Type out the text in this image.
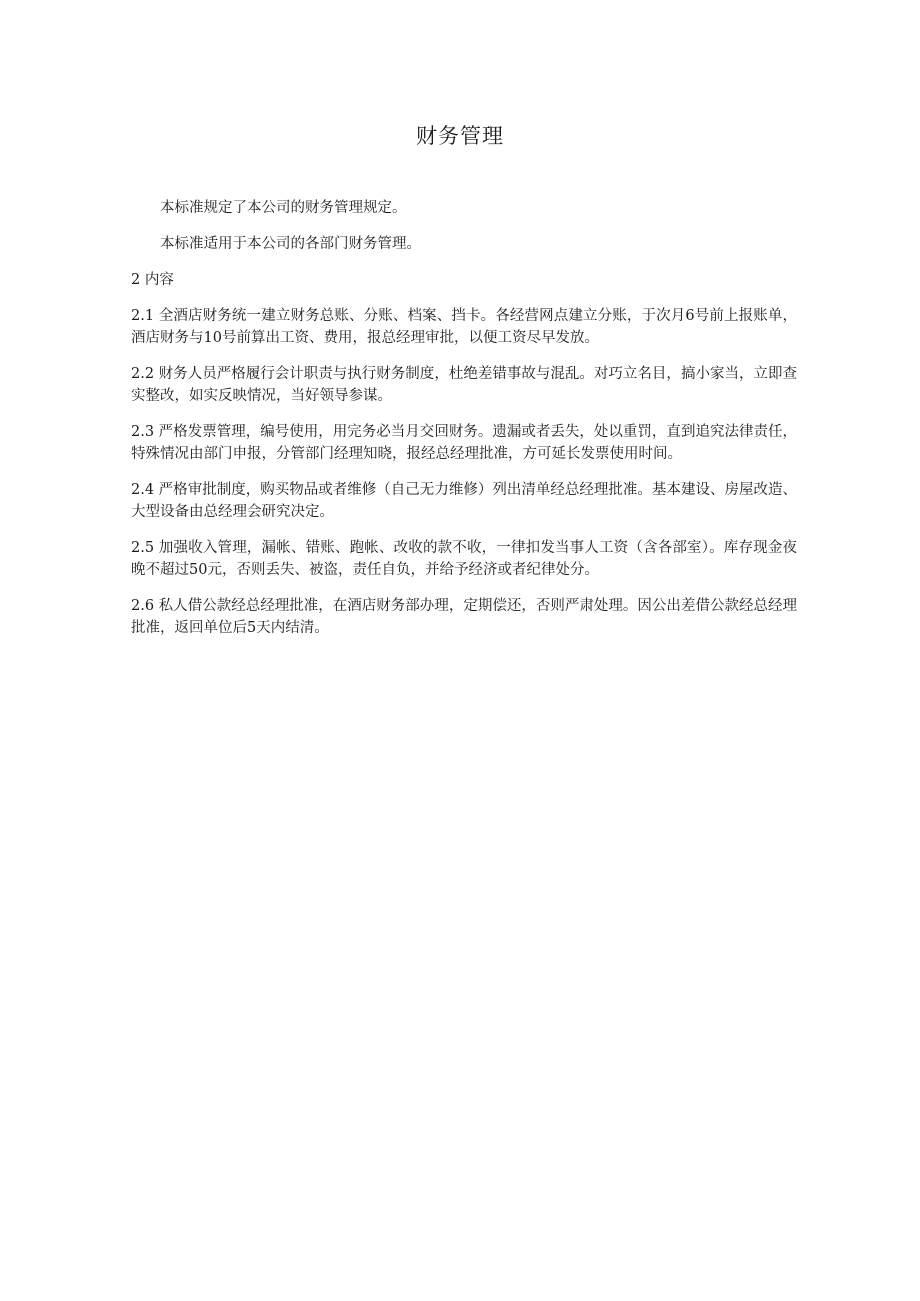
财务管理

本标准规定了本公司的财务管理规定。

本标准适用于本公司的各部门财务管理。

2 内容

2.1 全酒店财务统一建立财务总账、分账、档案、挡卡。各经营网点建立分账，于次月6号前上报账单，酒店财务与10号前算出工资、费用，报总经理审批，以便工资尽早发放。

2.2 财务人员严格履行会计职责与执行财务制度，杜绝差错事故与混乱。对巧立名目，搞小家当，立即查实整改，如实反映情况，当好领导参谋。

2.3 严格发票管理，编号使用，用完务必当月交回财务。遗漏或者丢失，处以重罚，直到追究法律责任，特殊情况由部门申报，分管部门经理知晓，报经总经理批准，方可延长发票使用时间。

2.4 严格审批制度，购买物品或者维修（自己无力维修）列出清单经总经理批准。基本建设、房屋改造、大型设备由总经理会研究决定。

2.5 加强收入管理，漏帐、错账、跑帐、改收的款不收，一律扣发当事人工资（含各部室）。库存现金夜晚不超过50元，否则丢失、被盗，责任自负，并给予经济或者纪律处分。

2.6 私人借公款经总经理批准，在酒店财务部办理，定期偿还，否则严肃处理。因公出差借公款经总经理批准，返回单位后5天内结清。
